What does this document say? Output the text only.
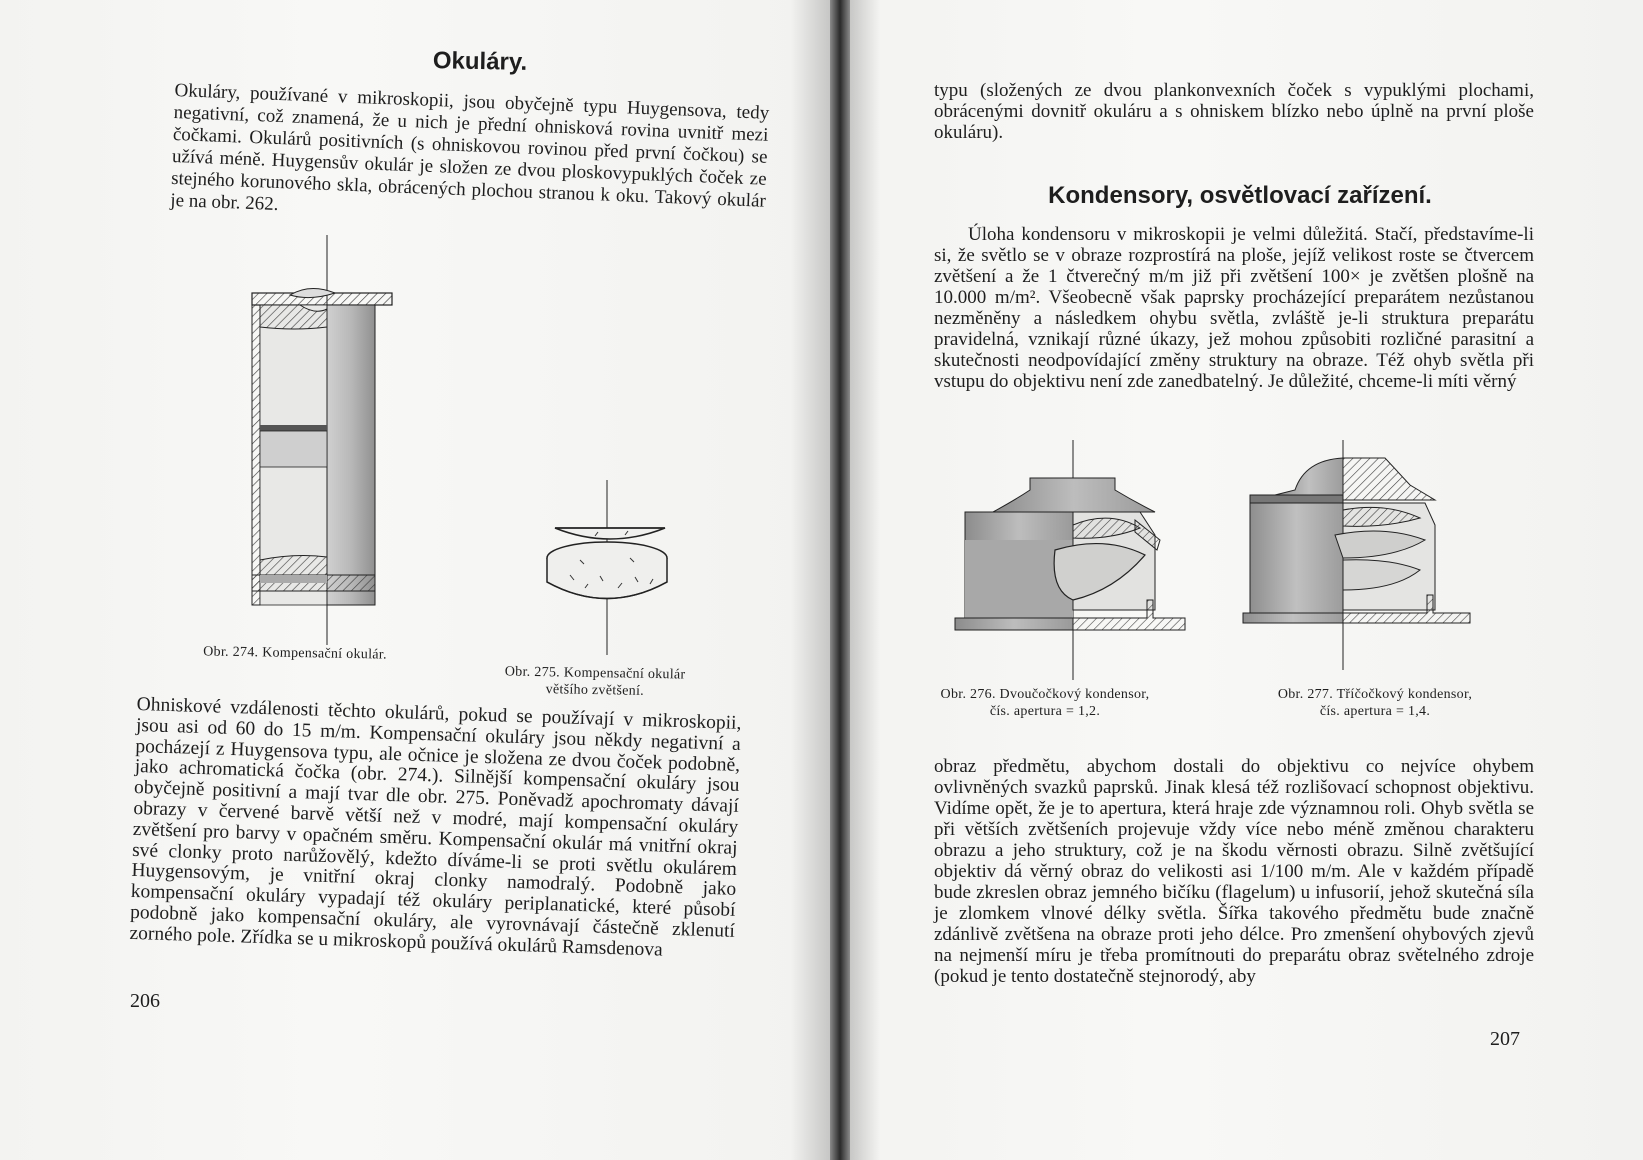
Okuláry.

Okuláry, používané v mikroskopii, jsou obyčejně typu Huygensova, tedy negativní, což znamená, že u nich je přední ohnisková rovina uvnitř mezi čočkami. Okulárů positivních (s ohniskovou rovinou před první čočkou) se užívá méně. Huygensův okulár je složen ze dvou ploskovypuklých čoček ze stejného korunového skla, obrácených plochou stranou k oku. Takový okulár je na obr. 262.

Obr. 274. Kompensační okulár.

Obr. 275. Kompensační okulár
většího zvětšení.

Ohniskové vzdálenosti těchto okulárů, pokud se používají v mikroskopii, jsou asi od 60 do 15 m/m. Kompensační okuláry jsou někdy negativní a pocházejí z Huygensova typu, ale očnice je složena ze dvou čoček podobně, jako achromatická čočka (obr. 274.). Silnější kompensační okuláry jsou obyčejně positivní a mají tvar dle obr. 275. Poněvadž apochromaty dávají obrazy v červené barvě větší než v modré, mají kompensační okuláry zvětšení pro barvy v opačném směru. Kompensační okulár má vnitřní okraj své clonky proto narůžovělý, kdežto díváme-li se proti světlu okulárem Huygensovým, je vnitřní okraj clonky namodralý. Podobně jako kompensační okuláry vypadají též okuláry periplanatické, které působí podobně jako kompensační okuláry, ale vyrovnávají částečně zklenutí zorného pole. Zřídka se u mikroskopů používá okulárů Ramsdenova

206

typu (složených ze dvou plankonvexních čoček s vypuklými plochami, obrácenými dovnitř okuláru a s ohniskem blízko nebo úplně na první ploše okuláru).

Kondensory, osvětlovací zařízení.

Úloha kondensoru v mikroskopii je velmi důležitá. Stačí, představíme-li si, že světlo se v obraze rozprostírá na ploše, jejíž velikost roste se čtvercem zvětšení a že 1 čtverečný m/m již při zvětšení 100× je zvětšen plošně na 10.000 m/m². Všeobecně však paprsky procházející preparátem nezůstanou nezměněny a následkem ohybu světla, zvláště je-li struktura preparátu pravidelná, vznikají různé úkazy, jež mohou způsobiti rozličné parasitní a skutečnosti neodpovídající změny struktury na obraze. Též ohyb světla při vstupu do objektivu není zde zanedbatelný. Je důležité, chceme-li míti věrný

Obr. 276. Dvoučočkový kondensor,
čís. apertura = 1,2.

Obr. 277. Tříčočkový kondensor,
čís. apertura = 1,4.

obraz předmětu, abychom dostali do objektivu co nejvíce ohybem ovlivněných svazků paprsků. Jinak klesá též rozlišovací schopnost objektivu. Vidíme opět, že je to apertura, která hraje zde významnou roli. Ohyb světla se při větších zvětšeních projevuje vždy více nebo méně změnou charakteru obrazu a jeho struktury, což je na škodu věrnosti obrazu. Silně zvětšující objektiv dá věrný obraz do velikosti asi 1/100 m/m. Ale v každém případě bude zkreslen obraz jemného bičíku (flagelum) u infusorií, jehož skutečná síla je zlomkem vlnové délky světla. Šířka takového předmětu bude značně zdánlivě zvětšena na obraze proti jeho délce. Pro zmenšení ohybových zjevů na nejmenší míru je třeba promítnouti do preparátu obraz světelného zdroje (pokud je tento dostatečně stejnorodý, aby

207
